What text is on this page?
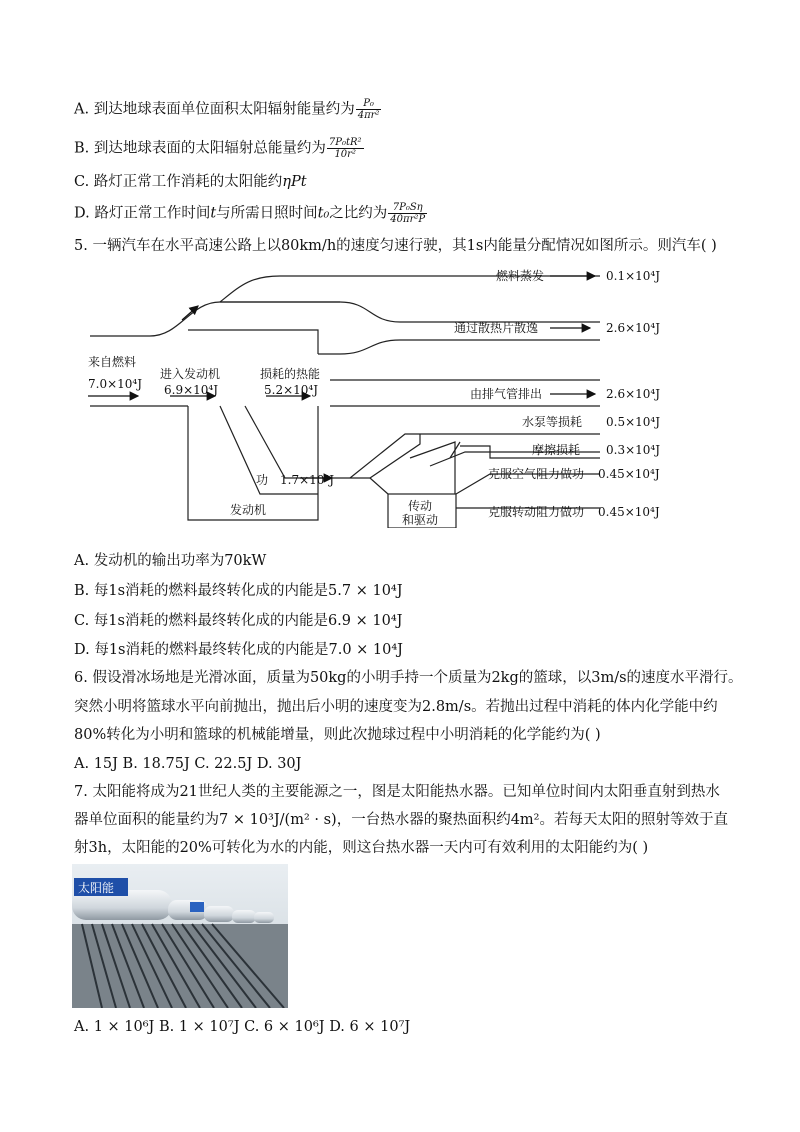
A. 到达地球表面单位面积太阳辐射能量约为 $\frac{\text{P₀}}{\text{4πr²}}$
B. 到达地球表面的太阳辐射总能量约为 $\frac{\text{7P₀tR²}}{\text{10r²}}$
C. 路灯正常工作消耗的太阳能约ηPt
D. 路灯正常工作时间t与所需日照时间t₀之比约为 $\frac{\text{7P₀Sη}}{\text{40πr²P}}$
5. 一辆汽车在水平高速公路上以80km/h的速度匀速行驶，其1s内能量分配情况如图所示。则汽车( )
来自燃料
7.0×10⁴J
进入发动机
6.9×10⁴J
损耗的热能
5.2×10⁴J
功 1.7×10⁴J
发动机	传动
和驱动
燃料蒸发	0.1×10⁴J
通过散热片散逸	2.6×10⁴J
由排气管排出	2.6×10⁴J
水泵等损耗 0.5×10⁴J
摩擦损耗 0.3×10⁴J
克服空气阻力做功 0.45×10⁴J
克服转动阻力做功 0.45×10⁴J
A. 发动机的输出功率为70kW
B. 每1s消耗的燃料最终转化成的内能是5.7 × 10⁴J
C. 每1s消耗的燃料最终转化成的内能是6.9 × 10⁴J
D. 每1s消耗的燃料最终转化成的内能是7.0 × 10⁴J
6. 假设滑冰场地是光滑冰面，质量为50kg的小明手持一个质量为2kg的篮球，以3m/s的速度水平滑行。
突然小明将篮球水平向前抛出，抛出后小明的速度变为2.8m/s。若抛出过程中消耗的体内化学能中约
80%转化为小明和篮球的机械能增量，则此次抛球过程中小明消耗的化学能约为( )
A. 15J B. 18.75J C. 22.5J D. 30J
7. 太阳能将成为21世纪人类的主要能源之一，图是太阳能热水器。已知单位时间内太阳垂直射到热水
器单位面积的能量约为7 × 10³J/(m² · s)，一台热水器的聚热面积约4m²。若每天太阳的照射等效于直
射3h，太阳能的20%可转化为水的内能，则这台热水器一天内可有效利用的太阳能约为( )
太阳能
A. 1 × 10⁶J B. 1 × 10⁷J C. 6 × 10⁶J D. 6 × 10⁷J
